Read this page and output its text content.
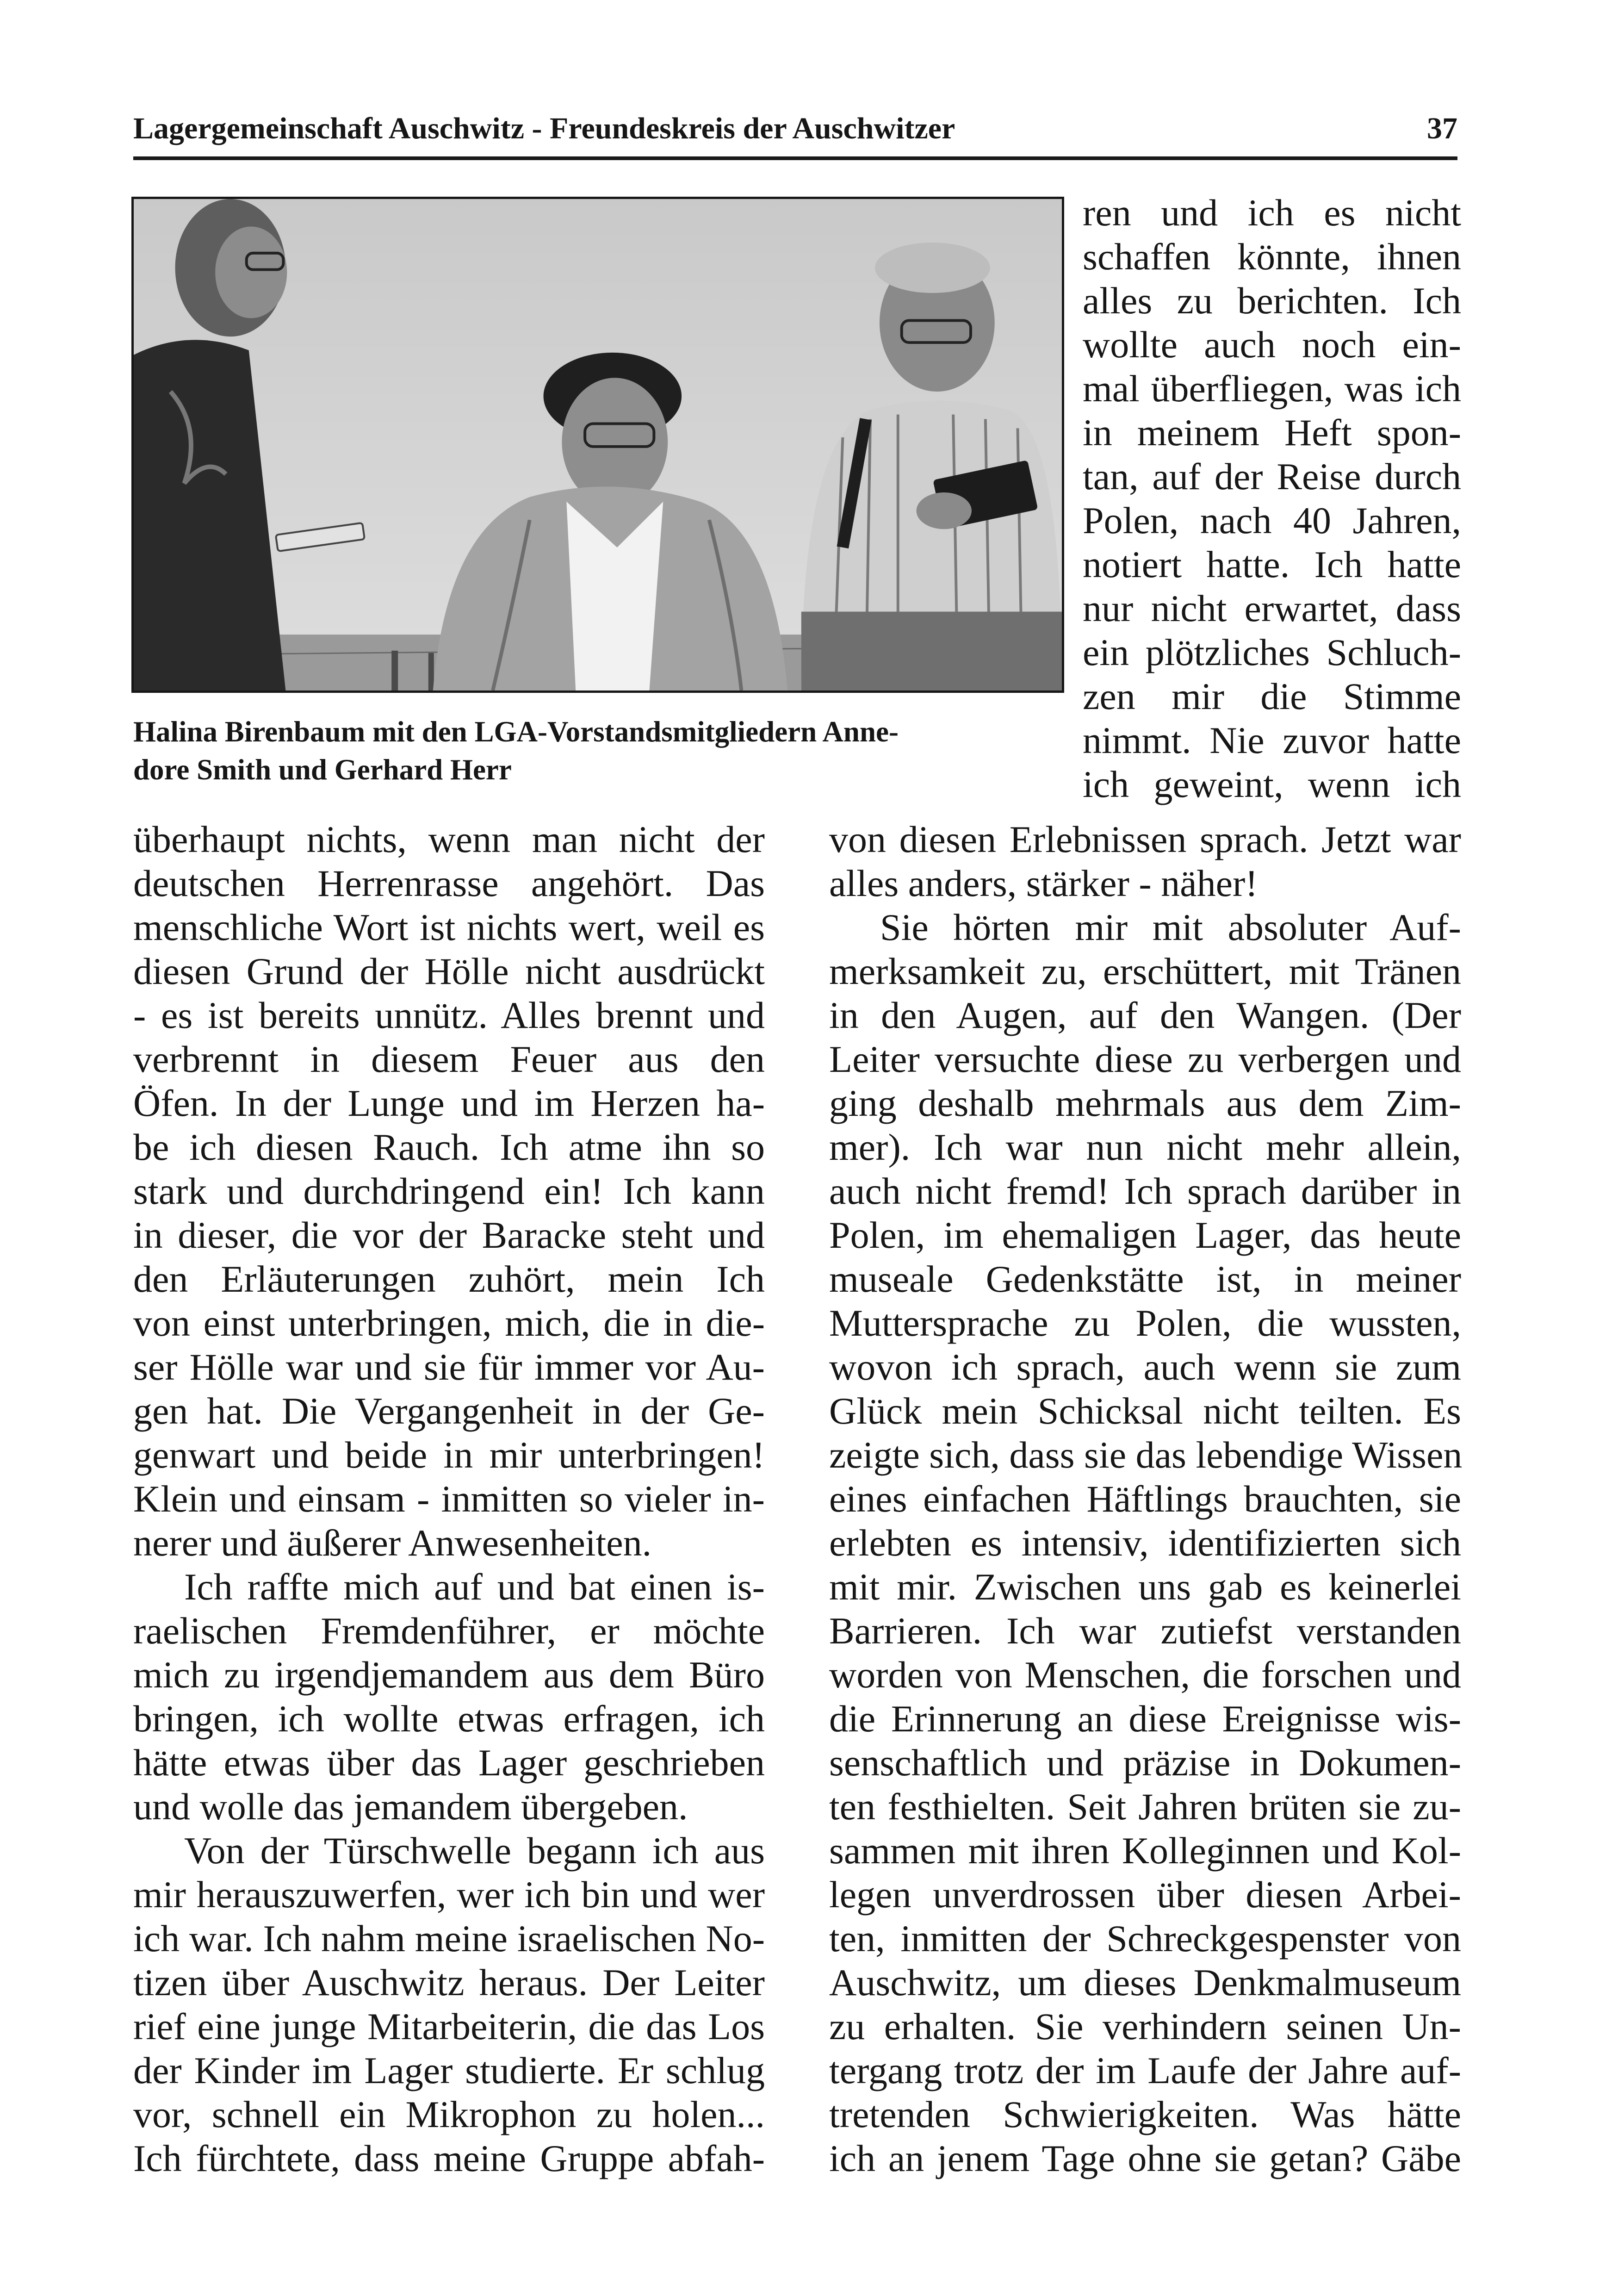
Lagergemeinschaft Auschwitz - Freundeskreis der Auschwitzer	37

Halina Birenbaum mit den LGA-Vorstandsmitgliedern Anne-
dore Smith und Gerhard Herr

ren und ich es nicht

schaffen könnte, ihnen

alles zu berichten. Ich

wollte auch noch ein-

mal überfliegen, was ich

in meinem Heft spon-

tan, auf der Reise durch

Polen, nach 40 Jahren,

notiert hatte. Ich hatte

nur nicht erwartet, dass

ein plötzliches Schluch-

zen mir die Stimme

nimmt. Nie zuvor hatte

ich geweint, wenn ich

überhaupt nichts, wenn man nicht der

deutschen Herrenrasse angehört. Das

menschliche Wort ist nichts wert, weil es

diesen Grund der Hölle nicht ausdrückt

- es ist bereits unnütz. Alles brennt und

verbrennt in diesem Feuer aus den

Öfen. In der Lunge und im Herzen ha-

be ich diesen Rauch. Ich atme ihn so

stark und durchdringend ein! Ich kann

in dieser, die vor der Baracke steht und

den Erläuterungen zuhört, mein Ich

von einst unterbringen, mich, die in die-

ser Hölle war und sie für immer vor Au-

gen hat. Die Vergangenheit in der Ge-

genwart und beide in mir unterbringen!

Klein und einsam - inmitten so vieler in-

nerer und äußerer Anwesenheiten.

Ich raffte mich auf und bat einen is-

raelischen Fremdenführer, er möchte

mich zu irgendjemandem aus dem Büro

bringen, ich wollte etwas erfragen, ich

hätte etwas über das Lager geschrieben

und wolle das jemandem übergeben.

Von der Türschwelle begann ich aus

mir herauszuwerfen, wer ich bin und wer

ich war. Ich nahm meine israelischen No-

tizen über Auschwitz heraus. Der Leiter

rief eine junge Mitarbeiterin, die das Los

der Kinder im Lager studierte. Er schlug

vor, schnell ein Mikrophon zu holen...

Ich fürchtete, dass meine Gruppe abfah-

von diesen Erlebnissen sprach. Jetzt war

alles anders, stärker - näher!

Sie hörten mir mit absoluter Auf-

merksamkeit zu, erschüttert, mit Tränen

in den Augen, auf den Wangen. (Der

Leiter versuchte diese zu verbergen und

ging deshalb mehrmals aus dem Zim-

mer). Ich war nun nicht mehr allein,

auch nicht fremd! Ich sprach darüber in

Polen, im ehemaligen Lager, das heute

museale Gedenkstätte ist, in meiner

Muttersprache zu Polen, die wussten,

wovon ich sprach, auch wenn sie zum

Glück mein Schicksal nicht teilten. Es

zeigte sich, dass sie das lebendige Wissen

eines einfachen Häftlings brauchten, sie

erlebten es intensiv, identifizierten sich

mit mir. Zwischen uns gab es keinerlei

Barrieren. Ich war zutiefst verstanden

worden von Menschen, die forschen und

die Erinnerung an diese Ereignisse wis-

senschaftlich und präzise in Dokumen-

ten festhielten. Seit Jahren brüten sie zu-

sammen mit ihren Kolleginnen und Kol-

legen unverdrossen über diesen Arbei-

ten, inmitten der Schreckgespenster von

Auschwitz, um dieses Denkmalmuseum

zu erhalten. Sie verhindern seinen Un-

tergang trotz der im Laufe der Jahre auf-

tretenden Schwierigkeiten. Was hätte

ich an jenem Tage ohne sie getan? Gäbe
